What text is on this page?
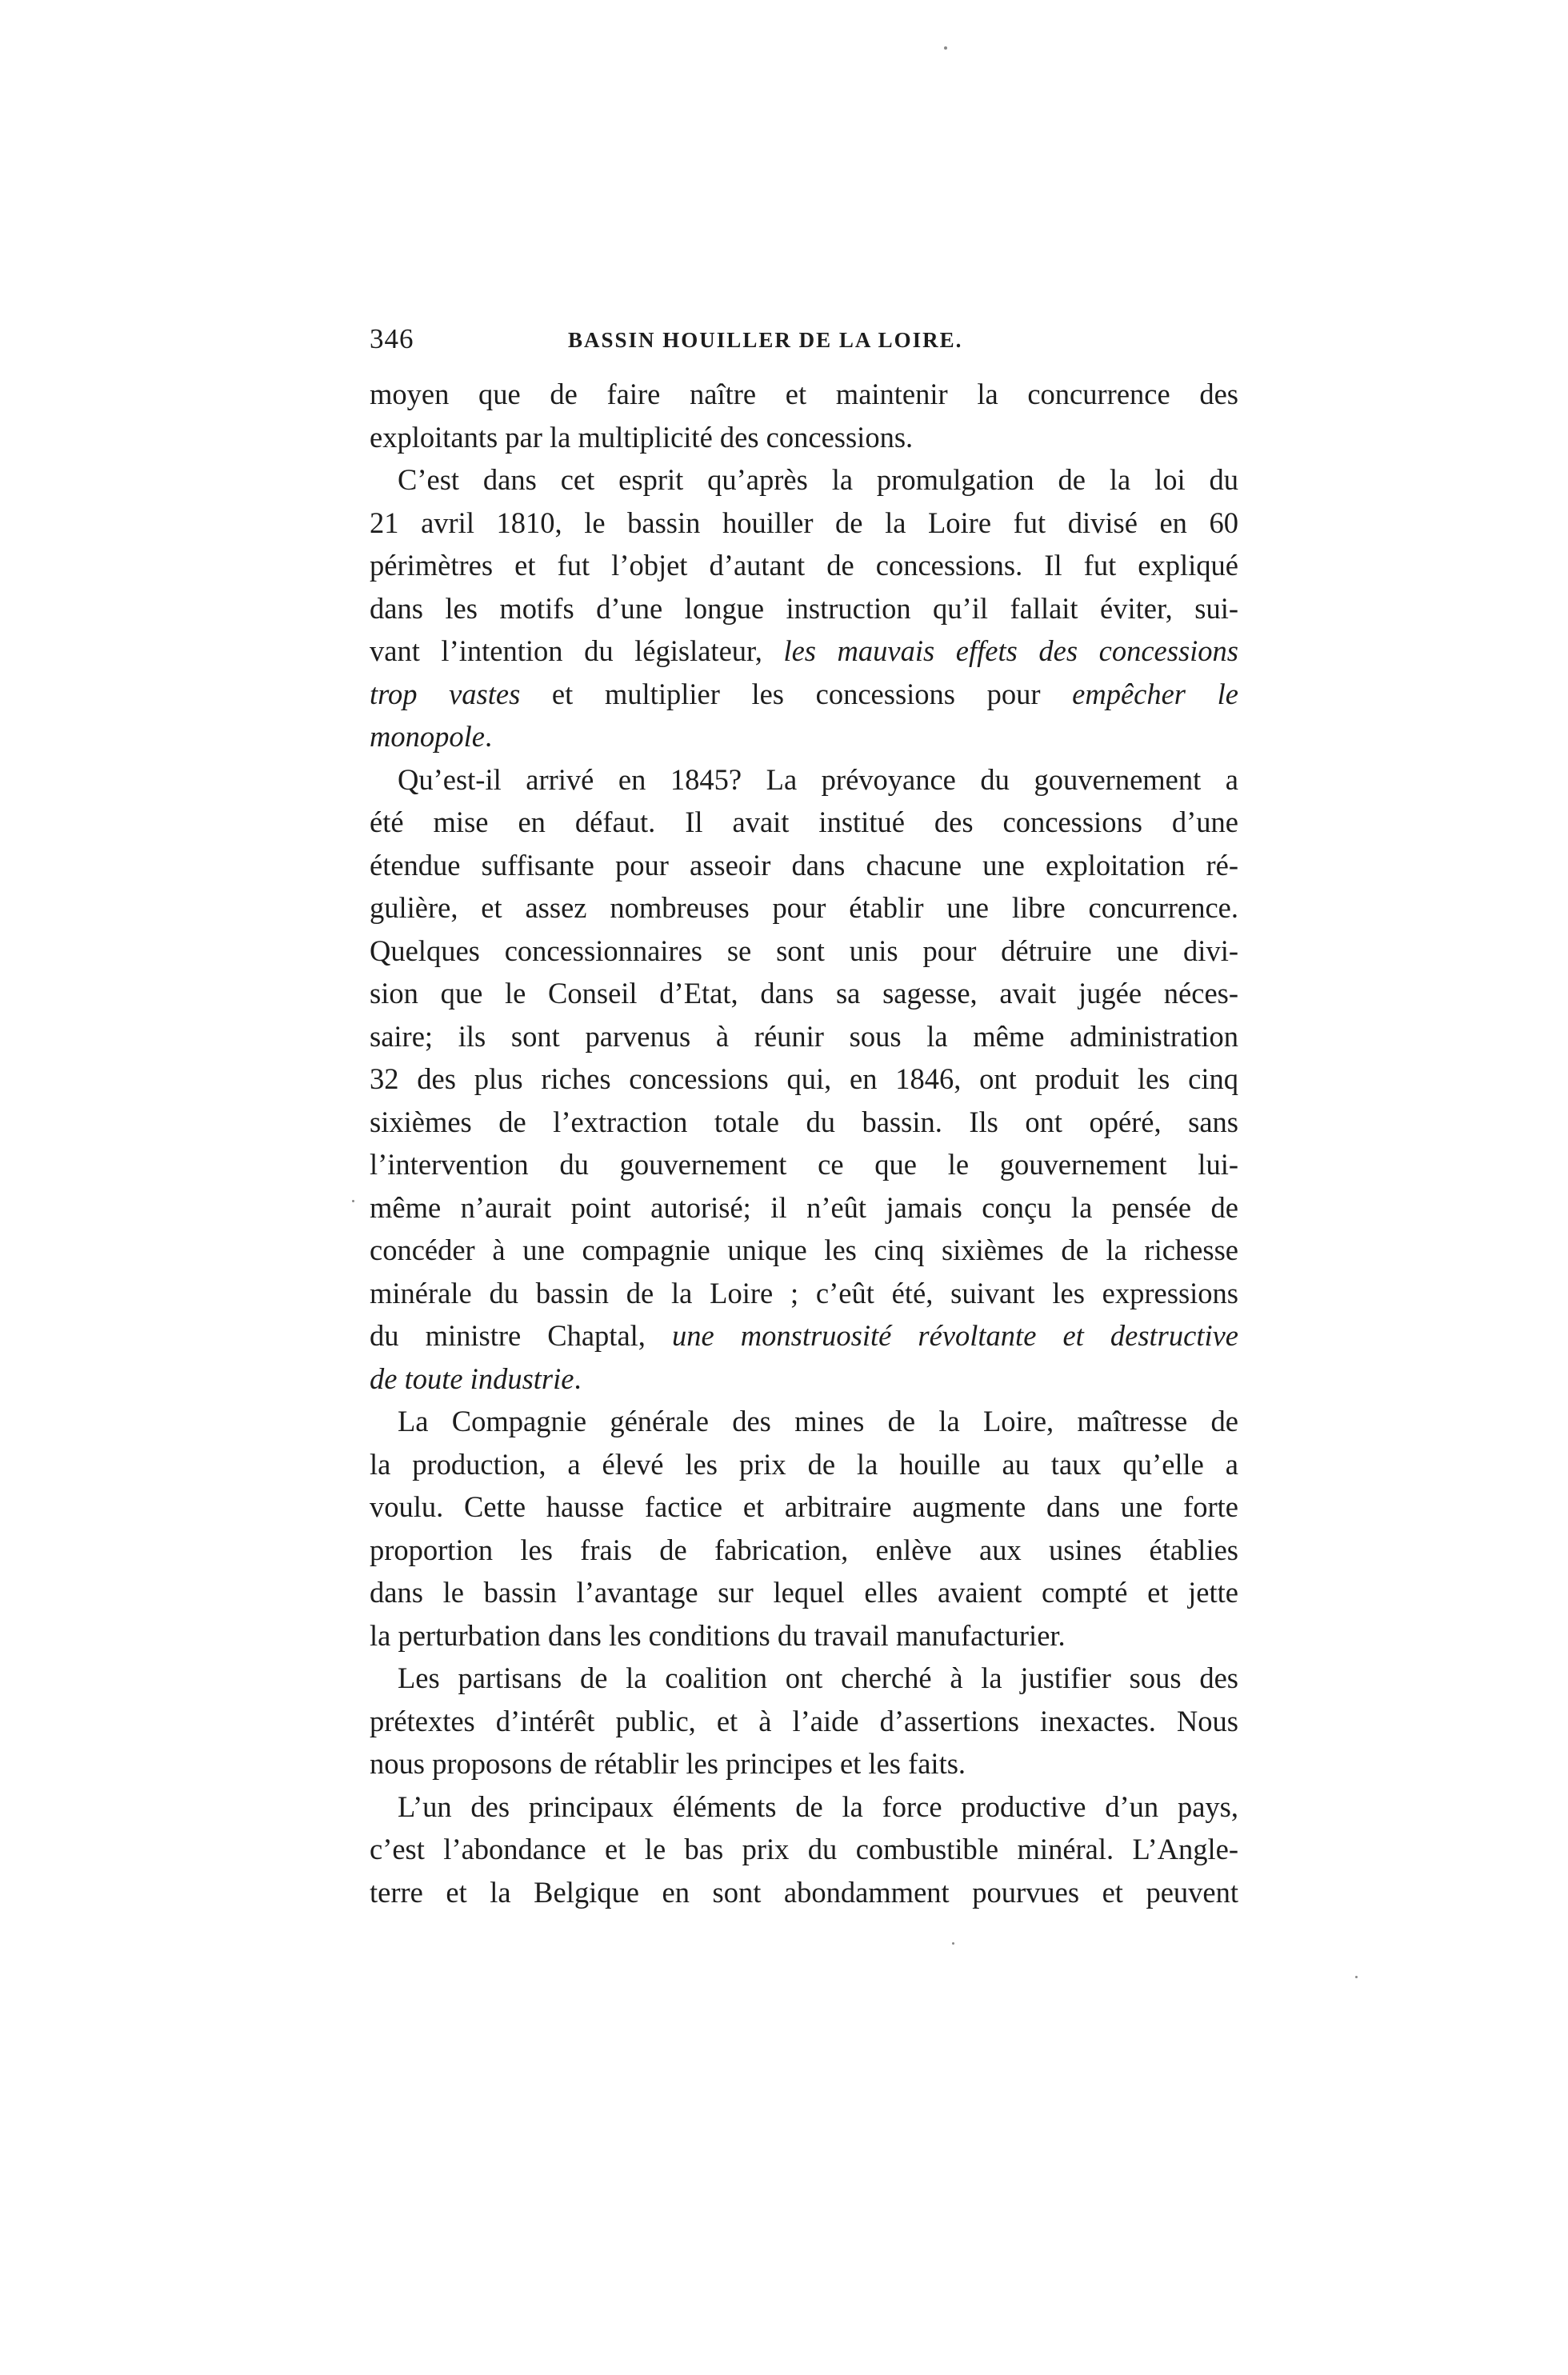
346	BASSIN HOUILLER DE LA LOIRE.
moyen que de faire naître et maintenir la concurrence des
exploitants par la multiplicité des concessions.
C’est dans cet esprit qu’après la promulgation de la loi du
21 avril 1810, le bassin houiller de la Loire fut divisé en 60
périmètres et fut l’objet d’autant de concessions. Il fut expliqué
dans les motifs d’une longue instruction qu’il fallait éviter, sui-
vant l’intention du législateur, les mauvais effets des concessions
trop vastes et multiplier les concessions pour empêcher le
monopole.
Qu’est-il arrivé en 1845? La prévoyance du gouvernement a
été mise en défaut. Il avait institué des concessions d’une
étendue suffisante pour asseoir dans chacune une exploitation ré-
gulière, et assez nombreuses pour établir une libre concurrence.
Quelques concessionnaires se sont unis pour détruire une divi-
sion que le Conseil d’Etat, dans sa sagesse, avait jugée néces-
saire; ils sont parvenus à réunir sous la même administration
32 des plus riches concessions qui, en 1846, ont produit les cinq
sixièmes de l’extraction totale du bassin. Ils ont opéré, sans
l’intervention du gouvernement ce que le gouvernement lui-
même n’aurait point autorisé; il n’eût jamais conçu la pensée de
concéder à une compagnie unique les cinq sixièmes de la richesse
minérale du bassin de la Loire ; c’eût été, suivant les expressions
du ministre Chaptal, une monstruosité révoltante et destructive
de toute industrie.
La Compagnie générale des mines de la Loire, maîtresse de
la production, a élevé les prix de la houille au taux qu’elle a
voulu. Cette hausse factice et arbitraire augmente dans une forte
proportion les frais de fabrication, enlève aux usines établies
dans le bassin l’avantage sur lequel elles avaient compté et jette
la perturbation dans les conditions du travail manufacturier.
Les partisans de la coalition ont cherché à la justifier sous des
prétextes d’intérêt public, et à l’aide d’assertions inexactes. Nous
nous proposons de rétablir les principes et les faits.
L’un des principaux éléments de la force productive d’un pays,
c’est l’abondance et le bas prix du combustible minéral. L’Angle-
terre et la Belgique en sont abondamment pourvues et peuvent
